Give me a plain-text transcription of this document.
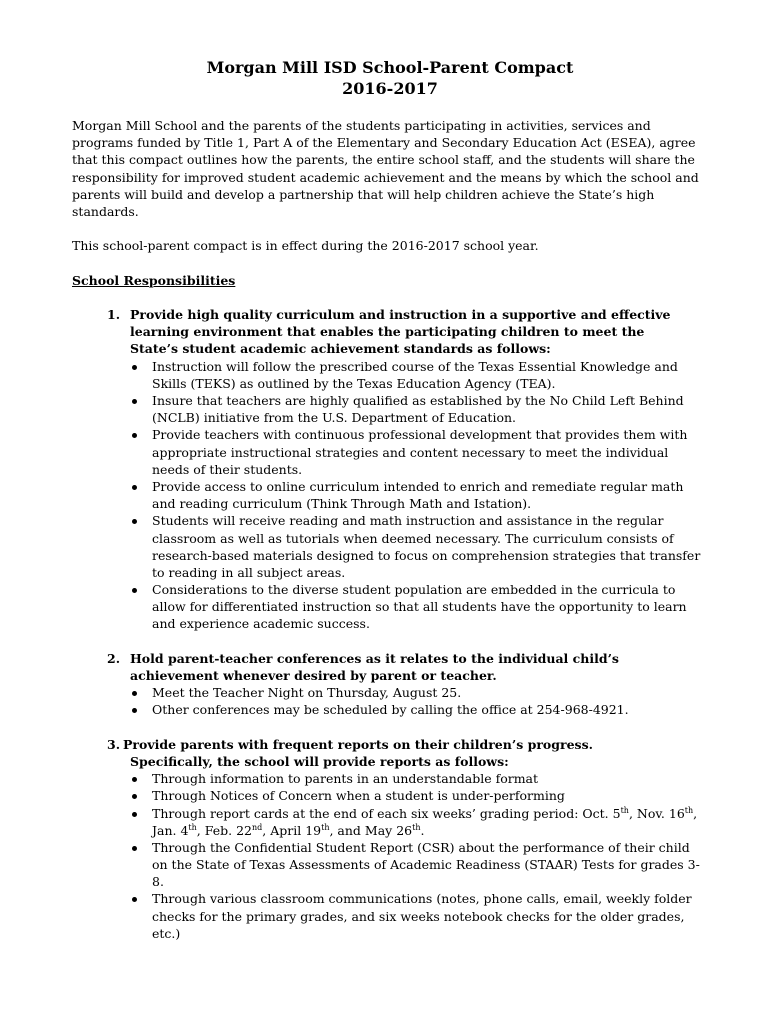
Morgan Mill ISD School-Parent Compact
2016-2017
Morgan Mill School and the parents of the students participating in activities, services and
programs funded by Title 1, Part A of the Elementary and Secondary Education Act (ESEA), agree
that this compact outlines how the parents, the entire school staff, and the students will share the
responsibility for improved student academic achievement and the means by which the school and
parents will build and develop a partnership that will help children achieve the State’s high
standards.
This school-parent compact is in effect during the 2016-2017 school year.
School Responsibilities
1. Provide high quality curriculum and instruction in a supportive and effective
learning environment that enables the participating children to meet the
State’s student academic achievement standards as follows:
Instruction will follow the prescribed course of the Texas Essential Knowledge and
Skills (TEKS) as outlined by the Texas Education Agency (TEA).
Insure that teachers are highly qualified as established by the No Child Left Behind
(NCLB) initiative from the U.S. Department of Education.
Provide teachers with continuous professional development that provides them with
appropriate instructional strategies and content necessary to meet the individual
needs of their students.
Provide access to online curriculum intended to enrich and remediate regular math
and reading curriculum (Think Through Math and Istation).
Students will receive reading and math instruction and assistance in the regular
classroom as well as tutorials when deemed necessary. The curriculum consists of
research-based materials designed to focus on comprehension strategies that transfer
to reading in all subject areas.
Considerations to the diverse student population are embedded in the curricula to
allow for differentiated instruction so that all students have the opportunity to learn
and experience academic success.
2. Hold parent-teacher conferences as it relates to the individual child’s
achievement whenever desired by parent or teacher.
Meet the Teacher Night on Thursday, August 25.
Other conferences may be scheduled by calling the office at 254-968-4921.
3. Provide parents with frequent reports on their children’s progress.
Specifically, the school will provide reports as follows:
Through information to parents in an understandable format
Through Notices of Concern when a student is under-performing
Through report cards at the end of each six weeks’ grading period: Oct. 5th, Nov. 16th,
Jan. 4th, Feb. 22nd, April 19th, and May 26th.
Through the Confidential Student Report (CSR) about the performance of their child
on the State of Texas Assessments of Academic Readiness (STAAR) Tests for grades 3-
8.
Through various classroom communications (notes, phone calls, email, weekly folder
checks for the primary grades, and six weeks notebook checks for the older grades,
etc.)
